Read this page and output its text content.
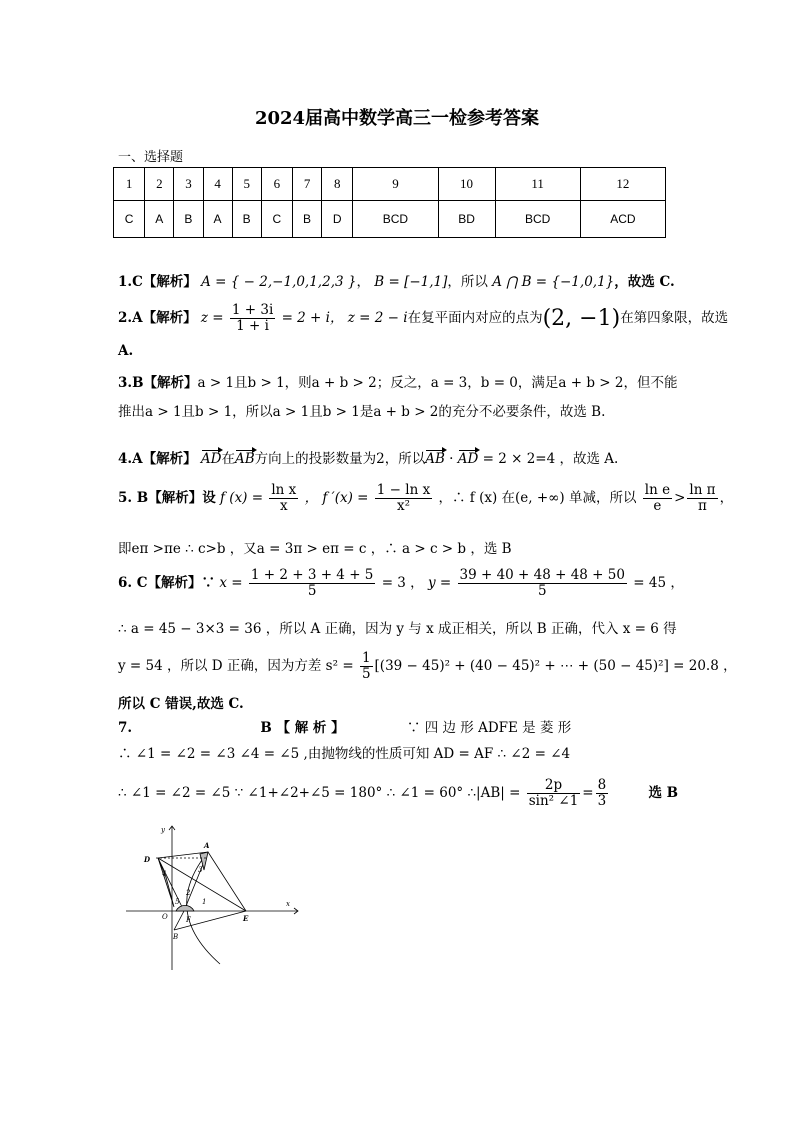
2024届高中数学高三一检参考答案
一、选择题
1	2	3	4	5	6	7	8	9	10	11	12
C	A	B	A	B	C	B	D	BCD	BD	BCD	ACD
1.C【解析】 A = { − 2,−1,0,1,2,3 }， B = [−1,1]，所以 A ⋂ B = {−1,0,1}，故选 C.
2.A【解析】 $z = \frac{1 + 3i}{1 + i} = 2 + i$， z = 2 − i在复平面内对应的点为(2, −1)在第四象限，故选
A.
3.B【解析】a > 1且b > 1，则a + b > 2；反之，a = 3，b = 0，满足a + b > 2，但不能
推出a > 1且b > 1，所以a > 1且b > 1是a + b > 2的充分不必要条件，故选 B.
4.A【解析】 AD在AB方向上的投影数量为2，所以AB · AD = 2 × 2=4 ，故选 A.
5. B【解析】设 f $(x) = \frac{\text{ln x}}{x}$ ， f $'(x) = \frac{\text{1 − ln x}}{\text{x²}}$ ，∴ f (x) 在(e, +∞) 单减，所以 $\frac{\text{ln e}}{e} > \frac{\text{ln π}}{\pi}$ ，
即eπ >πe ∴ c>b ，又a = 3π > eπ = c ，∴ a > c > b ，选 B
6. C【解析】∵ $x = \frac{1 + 2 + 3 + 4 + 5}{5} = 3$ ， $y = \frac{39 + 40 + 48 + 48 + 50}{5} = 45$ ，
∴ a = 45 − 3×3 = 36 ，所以 A 正确，因为 y 与 x 成正相关，所以 B 正确，代入 x = 6 得
y = 54 ，所以 D 正确，因为方差 $s^2 = \frac{1}{5} [(39 - 45)^2 + (40 - 45)^2$ + ⋯ + (50 − 45)²] = 20.8 ，
所以 C 错误,故选 C.
7.	B 【 解 析 】	∵ 四 边 形 ADFE 是 菱 形
∴ ∠1 = ∠2 = ∠3 ∠4 = ∠5 ,由抛物线的性质可知 AD = AF ∴ ∠2 = ∠4
∴ ∠1 = ∠2 = ∠5 ∵ ∠1+∠2+∠5 = 180° ∴ ∠1 = 60° ∴|AB| = $\frac{2p}{\text{sin² ∠1}} = \frac{8}{3}$	选 B
y
x
D
A
O	F	E
B
1
2
3
4
5
